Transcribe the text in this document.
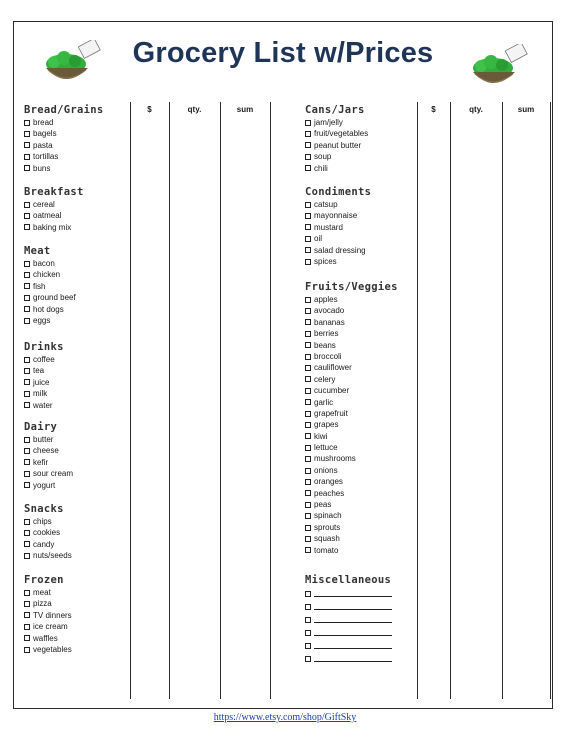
Grocery List w/Prices
$	qty.	sum	$	qty.	sum
Bread/Grains
bread
bagels
pasta
tortillas
buns
Breakfast
cereal
oatmeal
baking mix
Meat
bacon
chicken
fish
ground beef
hot dogs
eggs
Drinks
coffee
tea
juice
milk
water
Dairy
butter
cheese
kefir
sour cream
yogurt
Snacks
chips
cookies
candy
nuts/seeds
Frozen
meat
pizza
TV dinners
ice cream
waffles
vegetables
Cans/Jars
jam/jelly
fruit/vegetables
peanut butter
soup
chili
Condiments
catsup
mayonnaise
mustard
oil
salad dressing
spices
Fruits/Veggies
apples
avocado
bananas
berries
beans
broccoli
cauliflower
celery
cucumber
garlic
grapefruit
grapes
kiwi
lettuce
mushrooms
onions
oranges
peaches
peas
spinach
sprouts
squash
tomato
Miscellaneous
https://www.etsy.com/shop/GiftSky
